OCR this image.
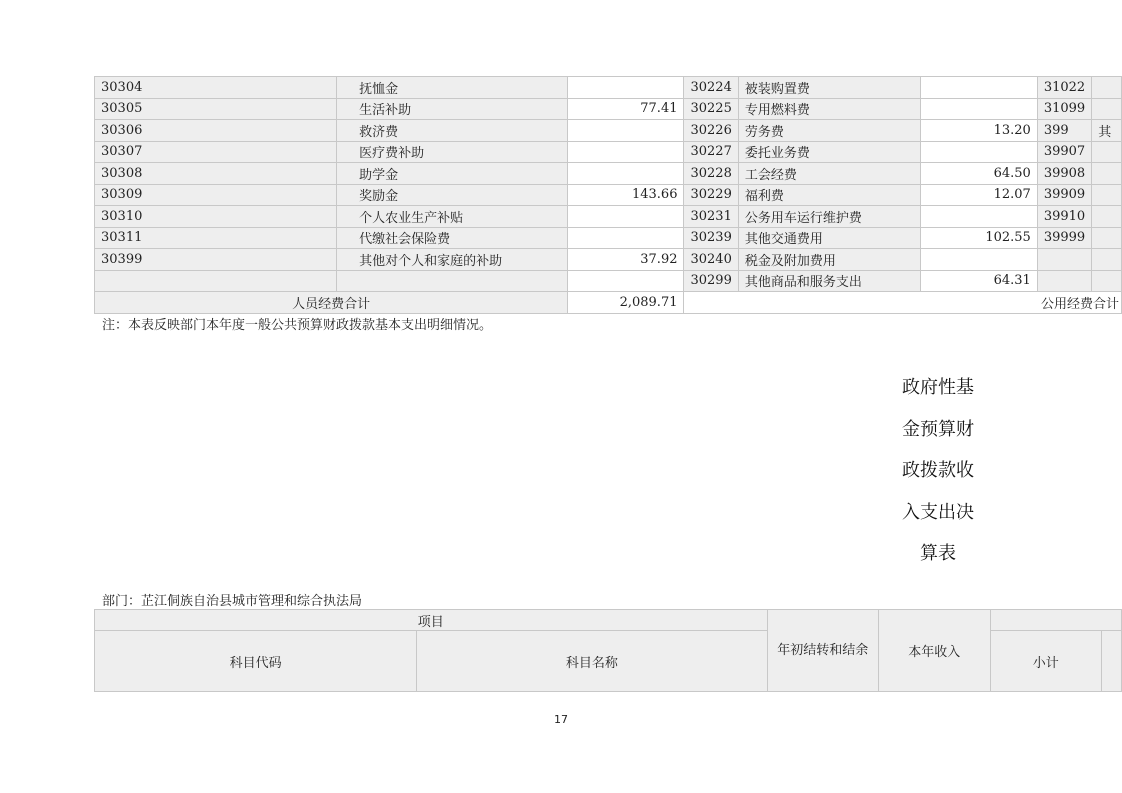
30304	抚恤金		30224	被装购置费		31022	
30305	生活补助	77.41	30225	专用燃料费		31099	
30306	救济费		30226	劳务费	13.20	399	其
30307	医疗费补助		30227	委托业务费		39907	
30308	助学金		30228	工会经费	64.50	39908	
30309	奖励金	143.66	30229	福利费	12.07	39909	
30310	个人农业生产补贴		30231	公务用车运行维护费		39910	
30311	代缴社会保险费		30239	其他交通费用	102.55	39999	
30399	其他对个人和家庭的补助	37.92	30240	税金及附加费用			
			30299	其他商品和服务支出	64.31		
人员经费合计		2,089.71	公用经费合计				
注：本表反映部门本年度一般公共预算财政拨款基本支出明细情况。
政府性基
金预算财
政拨款收
入支出决
算表
部门：芷江侗族自治县城市管理和综合执法局
项目		年初结转和结余	本年收入		
科目代码	科目名称			小计	
17
